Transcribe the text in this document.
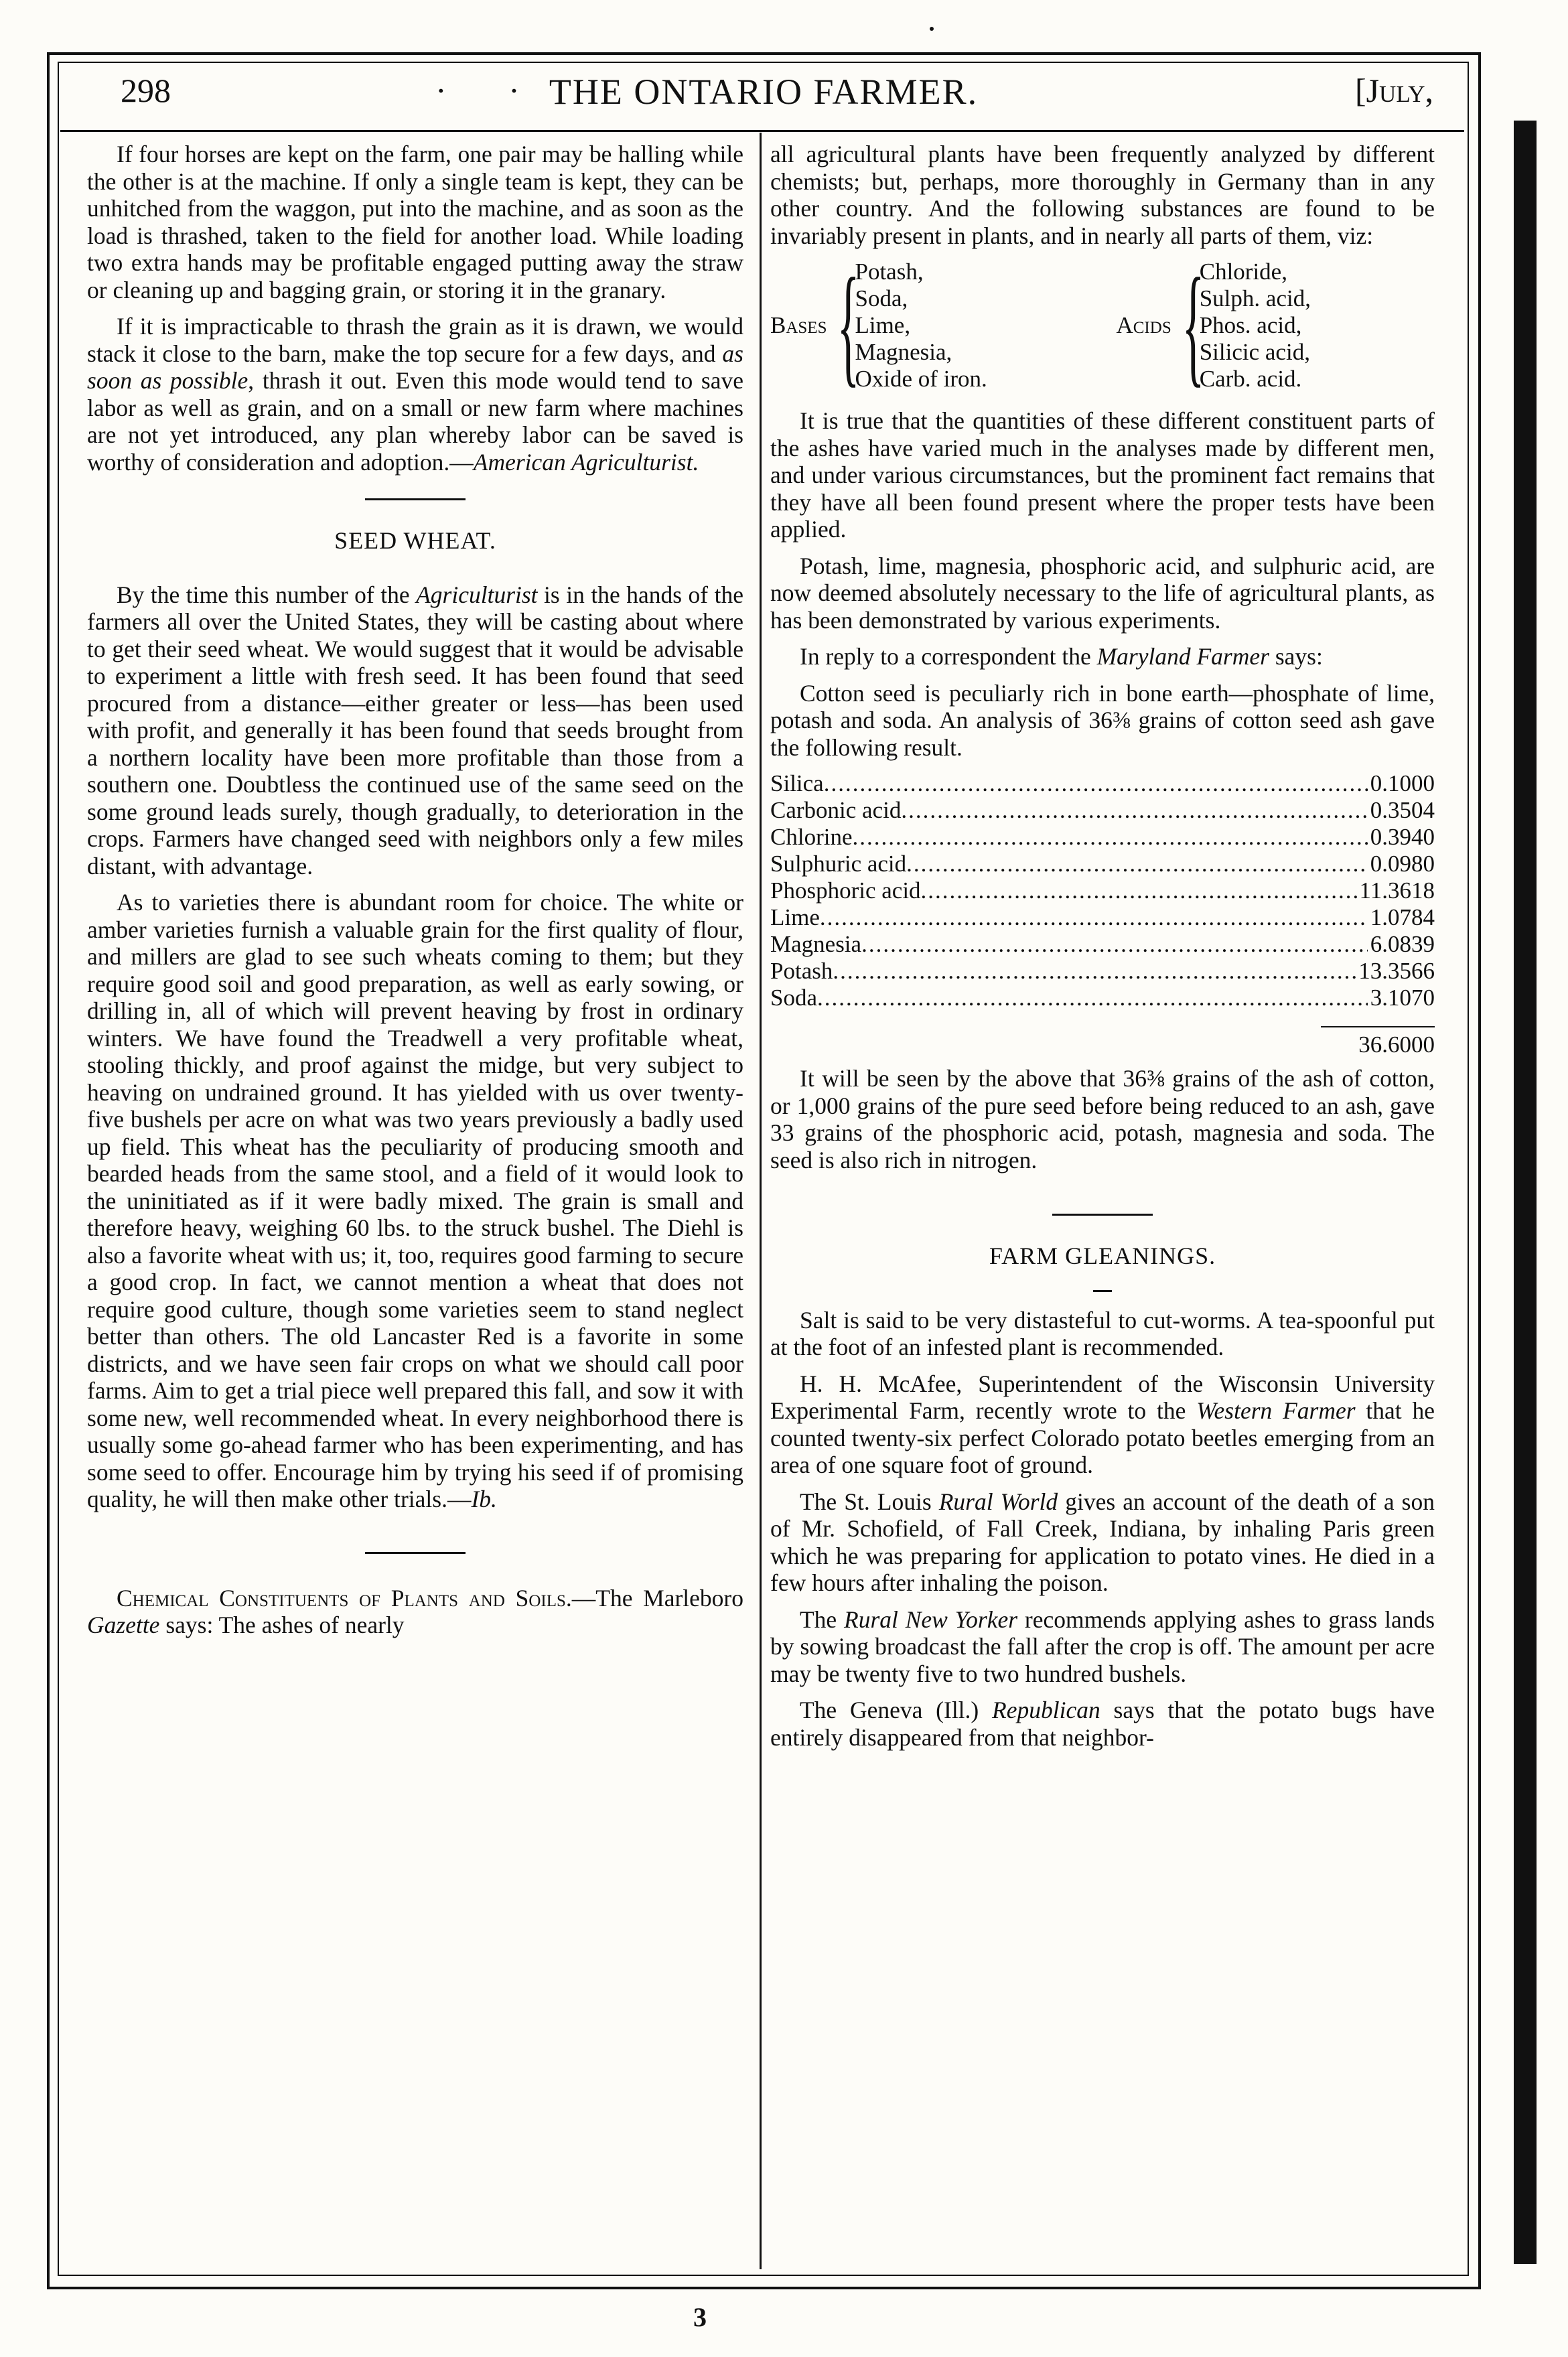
298	· · THE ONTARIO FARMER.	[July,

If four horses are kept on the farm, one pair may be halling while the other is at the machine. If only a single team is kept, they can be unhitched from the waggon, put into the machine, and as soon as the load is thrashed, taken to the field for another load. While loading two extra hands may be profitable engaged putting away the straw or cleaning up and bagging grain, or storing it in the granary.

If it is impracticable to thrash the grain as it is drawn, we would stack it close to the barn, make the top secure for a few days, and as soon as possible, thrash it out. Even this mode would tend to save labor as well as grain, and on a small or new farm where machines are not yet introduced, any plan whereby labor can be saved is worthy of consideration and adoption.—American Agriculturist.

SEED WHEAT.

By the time this number of the Agriculturist is in the hands of the farmers all over the United States, they will be casting about where to get their seed wheat. We would suggest that it would be advisable to experiment a little with fresh seed. It has been found that seed procured from a distance—either greater or less—has been used with profit, and generally it has been found that seeds brought from a northern locality have been more profitable than those from a southern one. Doubtless the continued use of the same seed on the some ground leads surely, though gradually, to deterioration in the crops. Farmers have changed seed with neighbors only a few miles distant, with advantage.

As to varieties there is abundant room for choice. The white or amber varieties furnish a valuable grain for the first quality of flour, and millers are glad to see such wheats coming to them; but they require good soil and good preparation, as well as early sowing, or drilling in, all of which will prevent heaving by frost in ordinary winters. We have found the Treadwell a very profitable wheat, stooling thickly, and proof against the midge, but very subject to heaving on undrained ground. It has yielded with us over twenty-five bushels per acre on what was two years previously a badly used up field. This wheat has the peculiarity of producing smooth and bearded heads from the same stool, and a field of it would look to the uninitiated as if it were badly mixed. The grain is small and therefore heavy, weighing 60 lbs. to the struck bushel. The Diehl is also a favorite wheat with us; it, too, requires good farming to secure a good crop. In fact, we cannot mention a wheat that does not require good culture, though some varieties seem to stand neglect better than others. The old Lancaster Red is a favorite in some districts, and we have seen fair crops on what we should call poor farms. Aim to get a trial piece well prepared this fall, and sow it with some new, well recommended wheat. In every neighborhood there is usually some go-ahead farmer who has been experimenting, and has some seed to offer. Encourage him by trying his seed if of promising quality, he will then make other trials.—Ib.

Chemical Constituents of Plants and Soils.—The Marleboro Gazette says: The ashes of nearly

all agricultural plants have been frequently analyzed by different chemists; but, perhaps, more thoroughly in Germany than in any other country. And the following substances are found to be invariably present in plants, and in nearly all parts of them, viz:

Bases {
Potash,
Soda,
Lime,
Magnesia,
Oxide of iron.
Acids {
Chloride,
Sulph. acid,
Phos. acid,
Silicic acid,
Carb. acid.

It is true that the quantities of these different constituent parts of the ashes have varied much in the analyses made by different men, and under various circumstances, but the prominent fact remains that they have all been found present where the proper tests have been applied.

Potash, lime, magnesia, phosphoric acid, and sulphuric acid, are now deemed absolutely necessary to the life of agricultural plants, as has been demonstrated by various experiments.

In reply to a correspondent the Maryland Farmer says:

Cotton seed is peculiarly rich in bone earth—phosphate of lime, potash and soda. An analysis of 36⅜ grains of cotton seed ash gave the following result.

Silica .....	0.1000
Carbonic acid .....	0.3504
Chlorine .....	0.3940
Sulphuric acid .....	0.0980
Phosphoric acid .....	11.3618
Lime .....	1.0784
Magnesia .....	6.0839
Potash .....	13.3566
Soda .....	3.1070
36.6000

It will be seen by the above that 36⅜ grains of the ash of cotton, or 1,000 grains of the pure seed before being reduced to an ash, gave 33 grains of the phosphoric acid, potash, magnesia and soda. The seed is also rich in nitrogen.

FARM GLEANINGS.

Salt is said to be very distasteful to cut-worms. A tea-spoonful put at the foot of an infested plant is recommended.

H. H. McAfee, Superintendent of the Wisconsin University Experimental Farm, recently wrote to the Western Farmer that he counted twenty-six perfect Colorado potato beetles emerging from an area of one square foot of ground.

The St. Louis Rural World gives an account of the death of a son of Mr. Schofield, of Fall Creek, Indiana, by inhaling Paris green which he was preparing for application to potato vines. He died in a few hours after inhaling the poison.

The Rural New Yorker recommends applying ashes to grass lands by sowing broadcast the fall after the crop is off. The amount per acre may be twenty five to two hundred bushels.

The Geneva (Ill.) Republican says that the potato bugs have entirely disappeared from that neighbor-

3
